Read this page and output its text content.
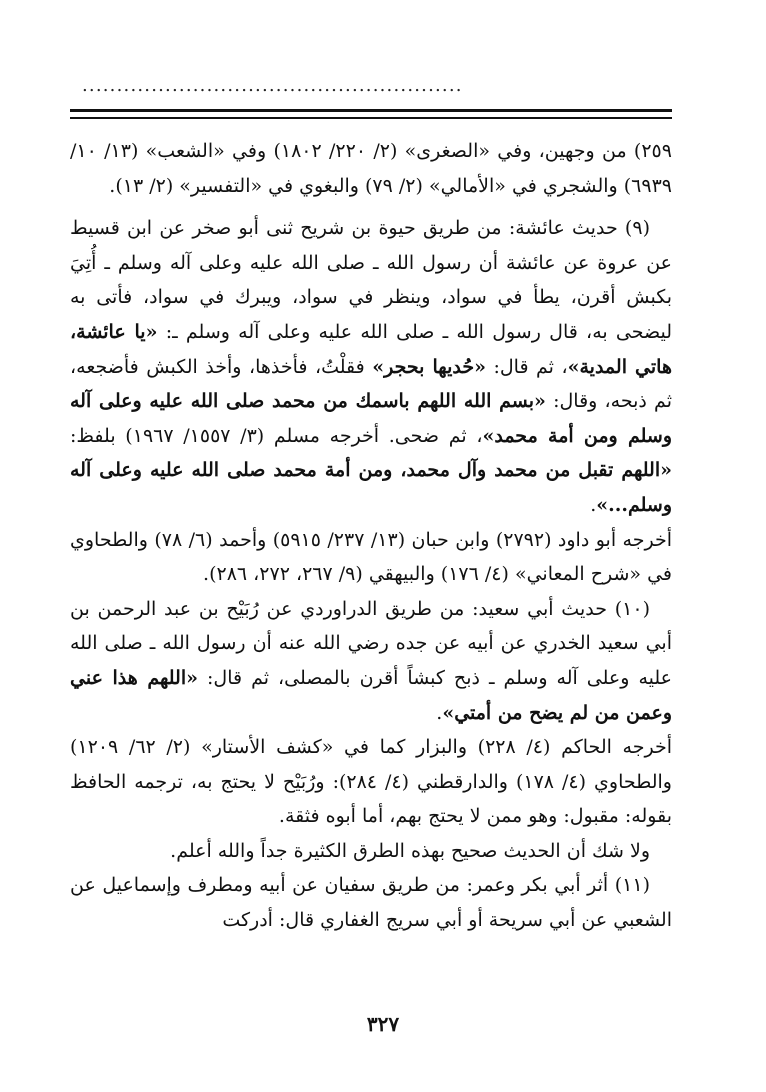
.......................................................

٢٥٩) من وجهين، وفي «الصغرى» (٢/ ٢٢٠/ ١٨٠٢) وفي «الشعب» (١٣/ ١٠/ ٦٩٣٩) والشجري في «الأمالي» (٢/ ٧٩) والبغوي في «التفسير» (٢/ ١٣).

(٩) حديث عائشة: من طريق حيوة بن شريح ثنى أبو صخر عن ابن قسيط عن عروة عن عائشة أن رسول الله ـ صلى الله عليه وعلى آله وسلم ـ أُتِيَ بكبش أقرن، يطأ في سواد، وينظر في سواد، ويبرك في سواد، فأتى به ليضحى به، قال رسول الله ـ صلى الله عليه وعلى آله وسلم ـ: «يا عائشة، هاتي المدية»، ثم قال: «حُديها بحجر» فقلْتُ، فأخذها، وأخذ الكبش فأضجعه، ثم ذبحه، وقال: «بسم الله اللهم باسمك من محمد صلى الله عليه وعلى آله وسلم ومن أمة محمد»، ثم ضحى. أخرجه مسلم (٣/ ١٥٥٧/ ١٩٦٧) بلفظ: «اللهم تقبل من محمد وآل محمد، ومن أمة محمد صلى الله عليه وعلى آله وسلم...».

أخرجه أبو داود (٢٧٩٢) وابن حبان (١٣/ ٢٣٧/ ٥٩١٥) وأحمد (٦/ ٧٨) والطحاوي في «شرح المعاني» (٤/ ١٧٦) والبيهقي (٩/ ٢٦٧، ٢٧٢، ٢٨٦).

(١٠) حديث أبي سعيد: من طريق الدراوردي عن رُبَيْح بن عبد الرحمن بن أبي سعيد الخدري عن أبيه عن جده رضي الله عنه أن رسول الله ـ صلى الله عليه وعلى آله وسلم ـ ذبح كبشاً أقرن بالمصلى، ثم قال: «اللهم هذا عني وعمن من لم يضح من أمتي».

أخرجه الحاكم (٤/ ٢٢٨) والبزار كما في «كشف الأستار» (٢/ ٦٢/ ١٢٠٩) والطحاوي (٤/ ١٧٨) والدارقطني (٤/ ٢٨٤): ورُبَيْح لا يحتج به، ترجمه الحافظ بقوله: مقبول: وهو ممن لا يحتج بهم، أما أبوه فثقة.

ولا شك أن الحديث صحيح بهذه الطرق الكثيرة جداً والله أعلم.

(١١) أثر أبي بكر وعمر: من طريق سفيان عن أبيه ومطرف وإسماعيل عن الشعبي عن أبي سريحة أو أبي سريج الغفاري قال: أدركت

٣٢٧
